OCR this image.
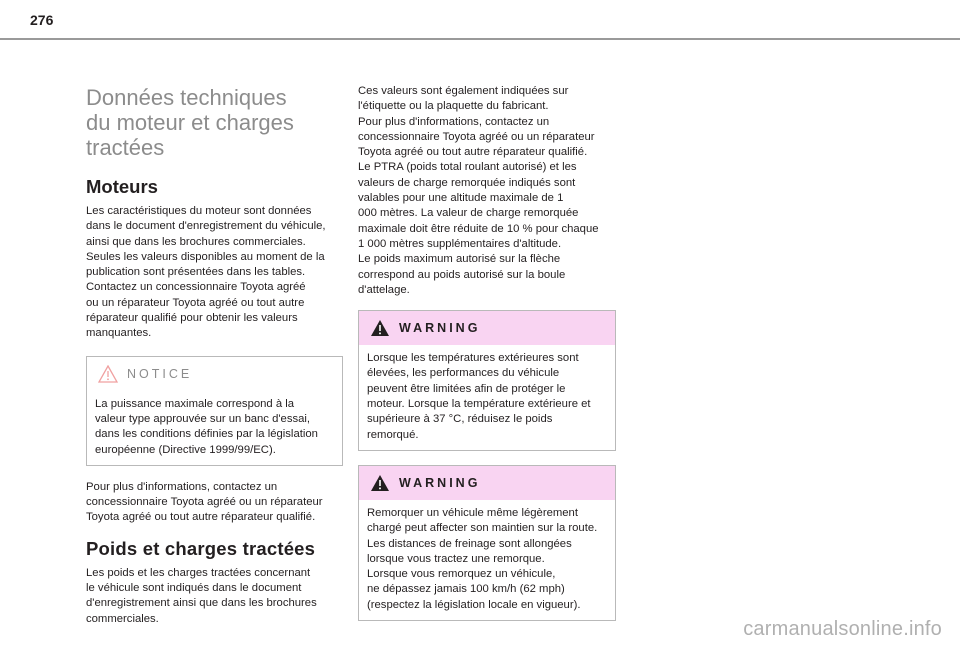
276
Données techniques
du moteur et charges
tractées
Moteurs

Les caractéristiques du moteur sont données
dans le document d'enregistrement du véhicule,
ainsi que dans les brochures commerciales.
Seules les valeurs disponibles au moment de la
publication sont présentées dans les tables.
Contactez un concessionnaire Toyota agréé
ou un réparateur Toyota agréé ou tout autre
réparateur qualifié pour obtenir les valeurs
manquantes.

NOTICE
La puissance maximale correspond à la
valeur type approuvée sur un banc d'essai,
dans les conditions définies par la législation
européenne (Directive 1999/99/EC).

Pour plus d'informations, contactez un
concessionnaire Toyota agréé ou un réparateur
Toyota agréé ou tout autre réparateur qualifié.

Poids et charges tractées

Les poids et les charges tractées concernant
le véhicule sont indiqués dans le document
d'enregistrement ainsi que dans les brochures
commerciales.

Ces valeurs sont également indiquées sur
l'étiquette ou la plaquette du fabricant.
Pour plus d'informations, contactez un
concessionnaire Toyota agréé ou un réparateur
Toyota agréé ou tout autre réparateur qualifié.
Le PTRA (poids total roulant autorisé) et les
valeurs de charge remorquée indiqués sont
valables pour une altitude maximale de 1
000 mètres. La valeur de charge remorquée
maximale doit être réduite de 10 % pour chaque
1 000 mètres supplémentaires d'altitude.
Le poids maximum autorisé sur la flèche
correspond au poids autorisé sur la boule
d'attelage.

WARNING
Lorsque les températures extérieures sont
élevées, les performances du véhicule
peuvent être limitées afin de protéger le
moteur. Lorsque la température extérieure et
supérieure à 37 °C, réduisez le poids
remorqué.
WARNING
Remorquer un véhicule même légèrement
chargé peut affecter son maintien sur la route.
Les distances de freinage sont allongées
lorsque vous tractez une remorque.
Lorsque vous remorquez un véhicule,
ne dépassez jamais 100 km/h (62 mph)
(respectez la législation locale en vigueur).
carmanualsonline.info
